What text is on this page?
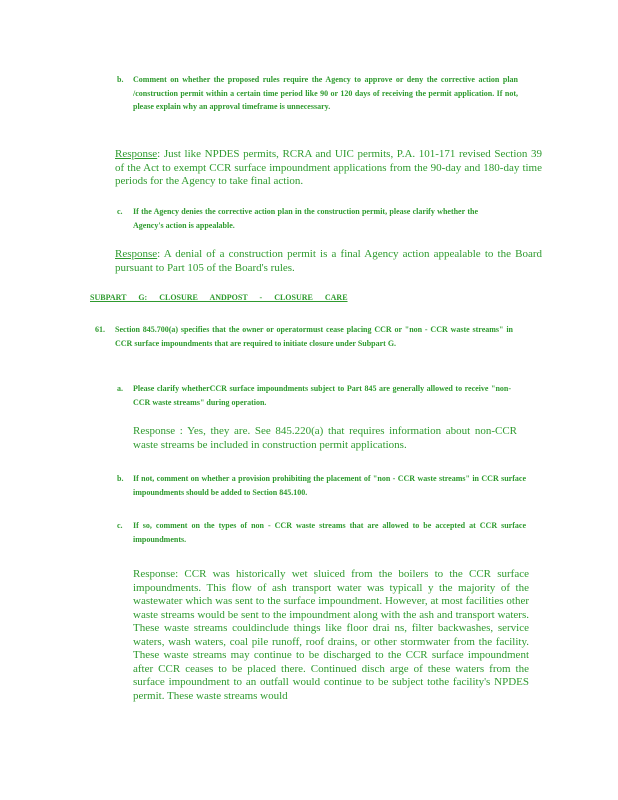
b. Comment on whether the proposed rules require the Agency to approve or deny the corrective action plan /construction permit within a certain time period like 90 or 120 days of receiving the permit application. If not, please explain why an approval timeframe is unnecessary.
Response: Just like NPDES permits, RCRA and UIC permits, P.A. 101-171 revised Section 39 of the Act to exempt CCR surface impoundment applications from the 90-day and 180-day time periods for the Agency to take final action.
c. If the Agency denies the corrective action plan in the construction permit, please clarify whether the Agency's action is appealable.
Response: A denial of a construction permit is a final Agency action appealable to the Board pursuant to Part 105 of the Board's rules.
SUBPART G: CLOSURE ANDPOST - CLOSURE CARE
61. Section 845.700(a) specifies that the owner or operatormust cease placing CCR or "non - CCR waste streams" in CCR surface impoundments that are required to initiate closure under Subpart G.
a. Please clarify whetherCCR surface impoundments subject to Part 845 are generally allowed to receive "non- CCR waste streams" during operation.
Response : Yes, they are. See 845.220(a) that requires information about non-CCR waste streams be included in construction permit applications.
b. If not, comment on whether a provision prohibiting the placement of "non - CCR waste streams" in CCR surface impoundments should be added to Section 845.100.
c. If so, comment on the types of non - CCR waste streams that are allowed to be accepted at CCR surface impoundments.
Response: CCR was historically wet sluiced from the boilers to the CCR surface impoundments. This flow of ash transport water was typicall y the majority of the wastewater which was sent to the surface impoundment. However, at most facilities other waste streams would be sent to the impoundment along with the ash and transport waters. These waste streams couldinclude things like floor drai ns, filter backwashes, service waters, wash waters, coal pile runoff, roof drains, or other stormwater from the facility. These waste streams may continue to be discharged to the CCR surface impoundment after CCR ceases to be placed there. Continued disch arge of these waters from the surface impoundment to an outfall would continue to be subject tothe facility's NPDES permit. These waste streams would
